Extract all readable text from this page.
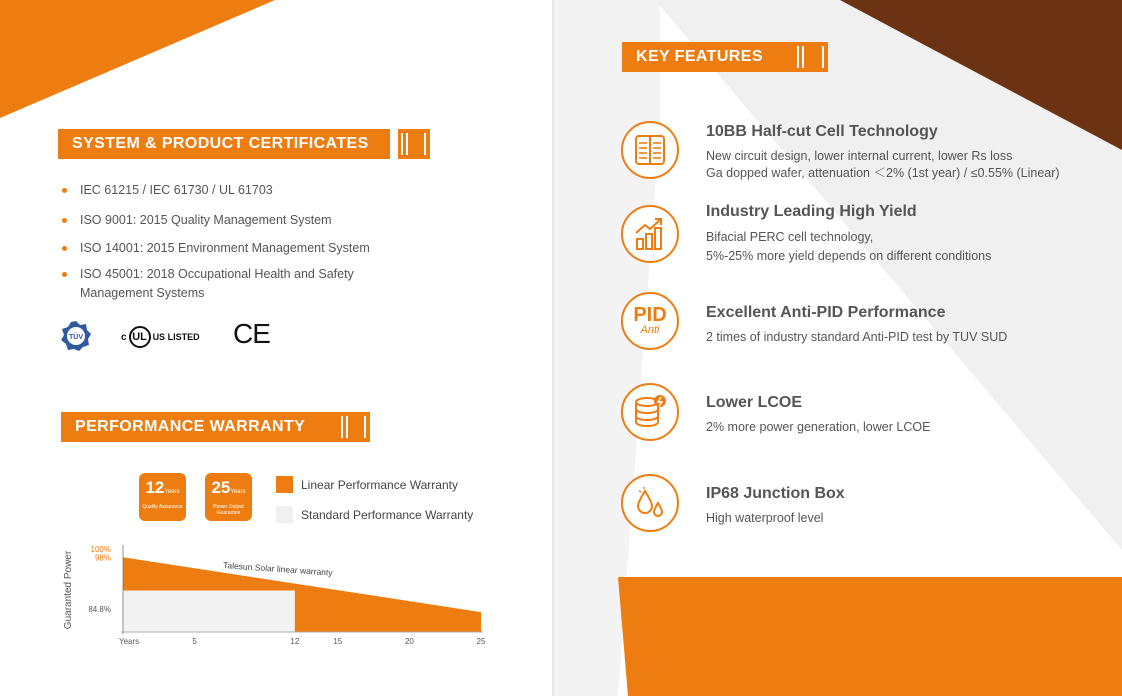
SYSTEM & PRODUCT CERTIFICATES
IEC 61215 / IEC 61730 / UL 61703
ISO 9001: 2015 Quality Management System
ISO 14001: 2015 Environment Management System
ISO 45001: 2018 Occupational Health and Safety Management Systems
TÜV	c UL US LISTED CE
PERFORMANCE WARRANTY
12Years
Quality Assurance
25Years
Power Output Guarantee
Linear Performance Warranty
Standard Performance Warranty
100%
98%
84.8%
Years	5	12	15	20	25
Guaranted Power	Talesun Solar linear warranty
KEY FEATURES
PID
Anti
10BB Half-cut Cell Technology
New circuit design, lower internal current, lower Rs loss
Ga dopped wafer, attenuation ＜2% (1st year) / ≤0.55% (Linear)
Industry Leading High Yield
Bifacial PERC cell technology,
5%-25% more yield depends on different conditions
Excellent Anti-PID Performance
2 times of industry standard Anti-PID test by TUV SUD
Lower LCOE
2% more power generation, lower LCOE
IP68 Junction Box
High waterproof level
